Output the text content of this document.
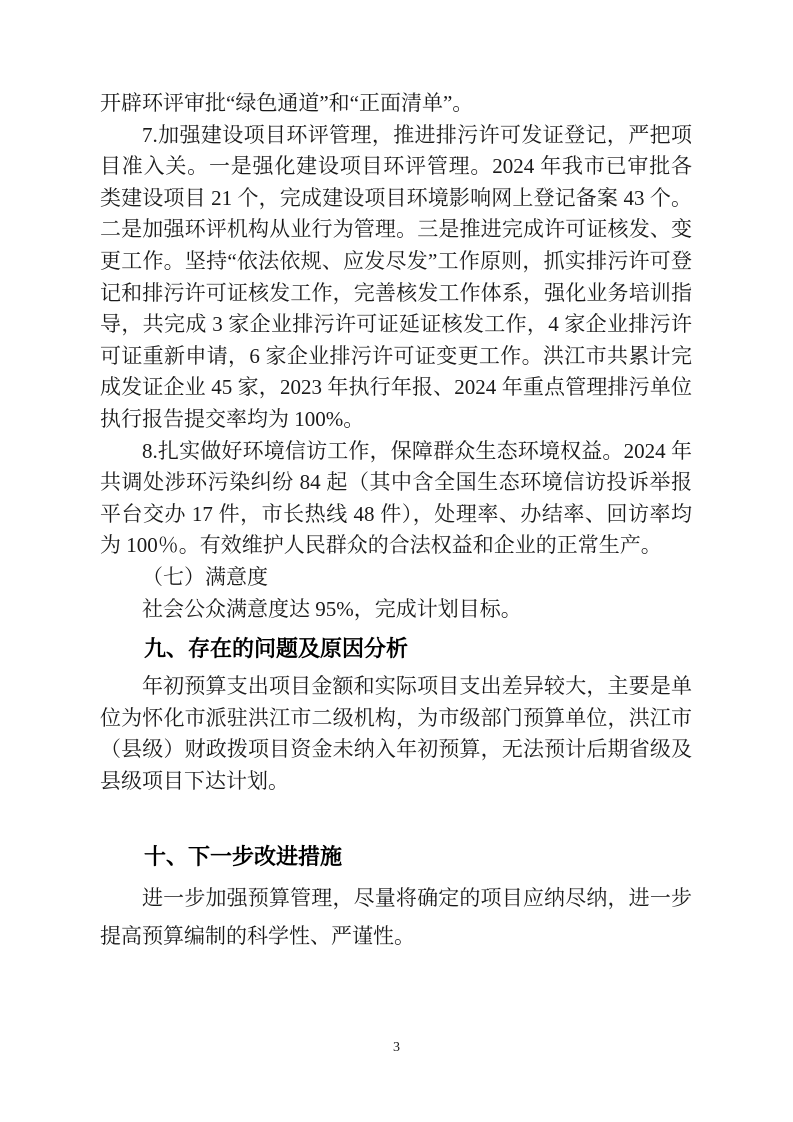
开辟环评审批“绿色通道”和“正面清单”。

7.加强建设项目环评管理，推进排污许可发证登记，严把项目准入关。一是强化建设项目环评管理。2024 年我市已审批各类建设项目 21 个，完成建设项目环境影响网上登记备案 43 个。二是加强环评机构从业行为管理。三是推进完成许可证核发、变更工作。坚持“依法依规、应发尽发”工作原则，抓实排污许可登记和排污许可证核发工作，完善核发工作体系，强化业务培训指导，共完成 3 家企业排污许可证延证核发工作，4 家企业排污许可证重新申请，6 家企业排污许可证变更工作。洪江市共累计完成发证企业 45 家，2023 年执行年报、2024 年重点管理排污单位执行报告提交率均为 100%。

8.扎实做好环境信访工作，保障群众生态环境权益。2024 年共调处涉环污染纠纷 84 起（其中含全国生态环境信访投诉举报平台交办 17 件，市长热线 48 件），处理率、办结率、回访率均为 100％。有效维护人民群众的合法权益和企业的正常生产。

（七）满意度

社会公众满意度达 95%，完成计划目标。

九、存在的问题及原因分析

年初预算支出项目金额和实际项目支出差异较大，主要是单位为怀化市派驻洪江市二级机构，为市级部门预算单位，洪江市（县级）财政拨项目资金未纳入年初预算，无法预计后期省级及县级项目下达计划。

十、下一步改进措施

进一步加强预算管理，尽量将确定的项目应纳尽纳，进一步提高预算编制的科学性、严谨性。

3
